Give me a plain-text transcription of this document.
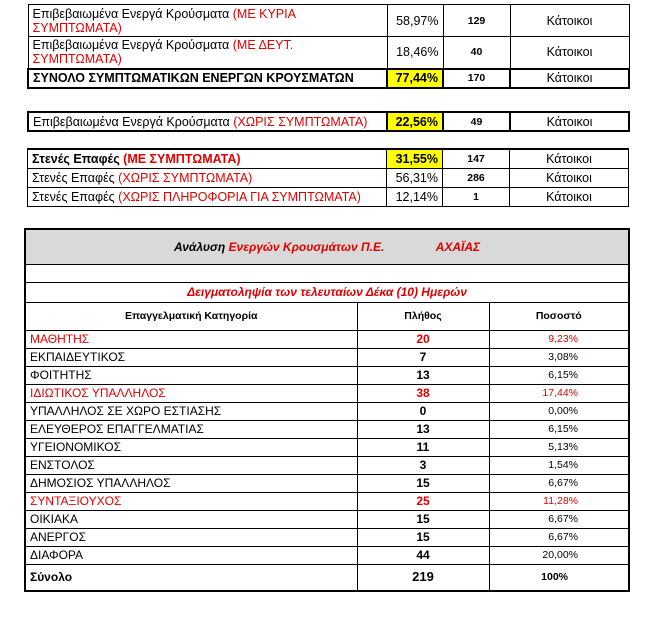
Επιβεβαιωμένα Ενεργά Κρούσματα (ΜΕ ΚΥΡΙΑ ΣΥΜΠΤΩΜΑΤΑ)	58,97%	129	Κάτοικοι
Επιβεβαιωμένα Ενεργά Κρούσματα (ΜΕ ΔΕΥΤ. ΣΥΜΠΤΩΜΑΤΑ)	18,46%	40	Κάτοικοι
ΣΥΝΟΛΟ ΣΥΜΠΤΩΜΑΤΙΚΩΝ ΕΝΕΡΓΩΝ ΚΡΟΥΣΜΑΤΩΝ	77,44%	170	Κάτοικοι
Επιβεβαιωμένα Ενεργά Κρούσματα (ΧΩΡΙΣ ΣΥΜΠΤΩΜΑΤΑ)	22,56%	49	Κάτοικοι
Στενές Επαφές (ΜΕ ΣΥΜΠΤΩΜΑΤΑ)	31,55%	147	Κάτοικοι
Στενές Επαφές (ΧΩΡΙΣ ΣΥΜΠΤΩΜΑΤΑ)	56,31%	286	Κάτοικοι
Στενές Επαφές (ΧΩΡΙΣ ΠΛΗΡΟΦΟΡΙΑ ΓΙΑ ΣΥΜΠΤΩΜΑΤΑ)	12,14%	1	Κάτοικοι
Ανάλυση Ενεργών Κρουσμάτων Π.Ε. ΑΧΑΪΑΣ		

Δειγματοληψία των τελευταίων Δέκα (10) Ημερών		
Επαγγελματική Κατηγορία	Πλήθος	Ποσοστό
ΜΑΘΗΤΗΣ	20	9,23%
ΕΚΠΑΙΔΕΥΤΙΚΟΣ	7	3,08%
ΦΟΙΤΗΤΗΣ	13	6,15%
ΙΔΙΩΤΙΚΟΣ ΥΠΑΛΛΗΛΟΣ	38	17,44%
ΥΠΑΛΛΗΛΟΣ ΣΕ ΧΩΡΟ ΕΣΤΙΑΣΗΣ	0	0,00%
ΕΛΕΥΘΕΡΟΣ ΕΠΑΓΓΕΛΜΑΤΙΑΣ	13	6,15%
ΥΓΕΙΟΝΟΜΙΚΟΣ	11	5,13%
ΕΝΣΤΟΛΟΣ	3	1,54%
ΔΗΜΟΣΙΟΣ ΥΠΑΛΛΗΛΟΣ	15	6,67%
ΣΥΝΤΑΞΙΟΥΧΟΣ	25	11,28%
ΟΙΚΙΑΚΑ	15	6,67%
ΑΝΕΡΓΟΣ	15	6,67%
ΔΙΑΦΟΡΑ	44	20,00%
Σύνολο	219	100%
